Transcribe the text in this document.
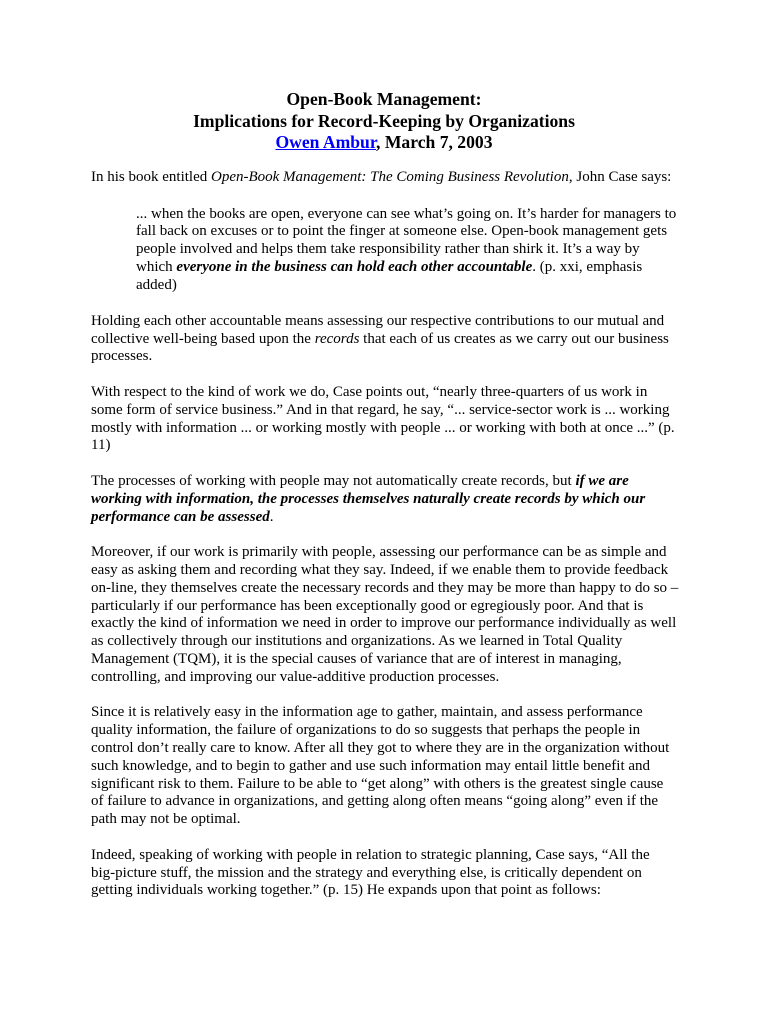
Open-Book Management:
Implications for Record-Keeping by Organizations
Owen Ambur, March 7, 2003

In his book entitled Open-Book Management: The Coming Business Revolution, John Case says:

... when the books are open, everyone can see what’s going on. It’s harder for managers to
fall back on excuses or to point the finger at someone else. Open-book management gets
people involved and helps them take responsibility rather than shirk it. It’s a way by
which everyone in the business can hold each other accountable. (p. xxi, emphasis
added)

Holding each other accountable means assessing our respective contributions to our mutual and
collective well-being based upon the records that each of us creates as we carry out our business
processes.

With respect to the kind of work we do, Case points out, “nearly three-quarters of us work in
some form of service business.” And in that regard, he say, “... service-sector work is ... working
mostly with information ... or working mostly with people ... or working with both at once ...” (p.
11)

The processes of working with people may not automatically create records, but if we are
working with information, the processes themselves naturally create records by which our
performance can be assessed.

Moreover, if our work is primarily with people, assessing our performance can be as simple and
easy as asking them and recording what they say. Indeed, if we enable them to provide feedback
on-line, they themselves create the necessary records and they may be more than happy to do so –
particularly if our performance has been exceptionally good or egregiously poor. And that is
exactly the kind of information we need in order to improve our performance individually as well
as collectively through our institutions and organizations. As we learned in Total Quality
Management (TQM), it is the special causes of variance that are of interest in managing,
controlling, and improving our value-additive production processes.

Since it is relatively easy in the information age to gather, maintain, and assess performance
quality information, the failure of organizations to do so suggests that perhaps the people in
control don’t really care to know. After all they got to where they are in the organization without
such knowledge, and to begin to gather and use such information may entail little benefit and
significant risk to them. Failure to be able to “get along” with others is the greatest single cause
of failure to advance in organizations, and getting along often means “going along” even if the
path may not be optimal.

Indeed, speaking of working with people in relation to strategic planning, Case says, “All the
big-picture stuff, the mission and the strategy and everything else, is critically dependent on
getting individuals working together.” (p. 15) He expands upon that point as follows:
